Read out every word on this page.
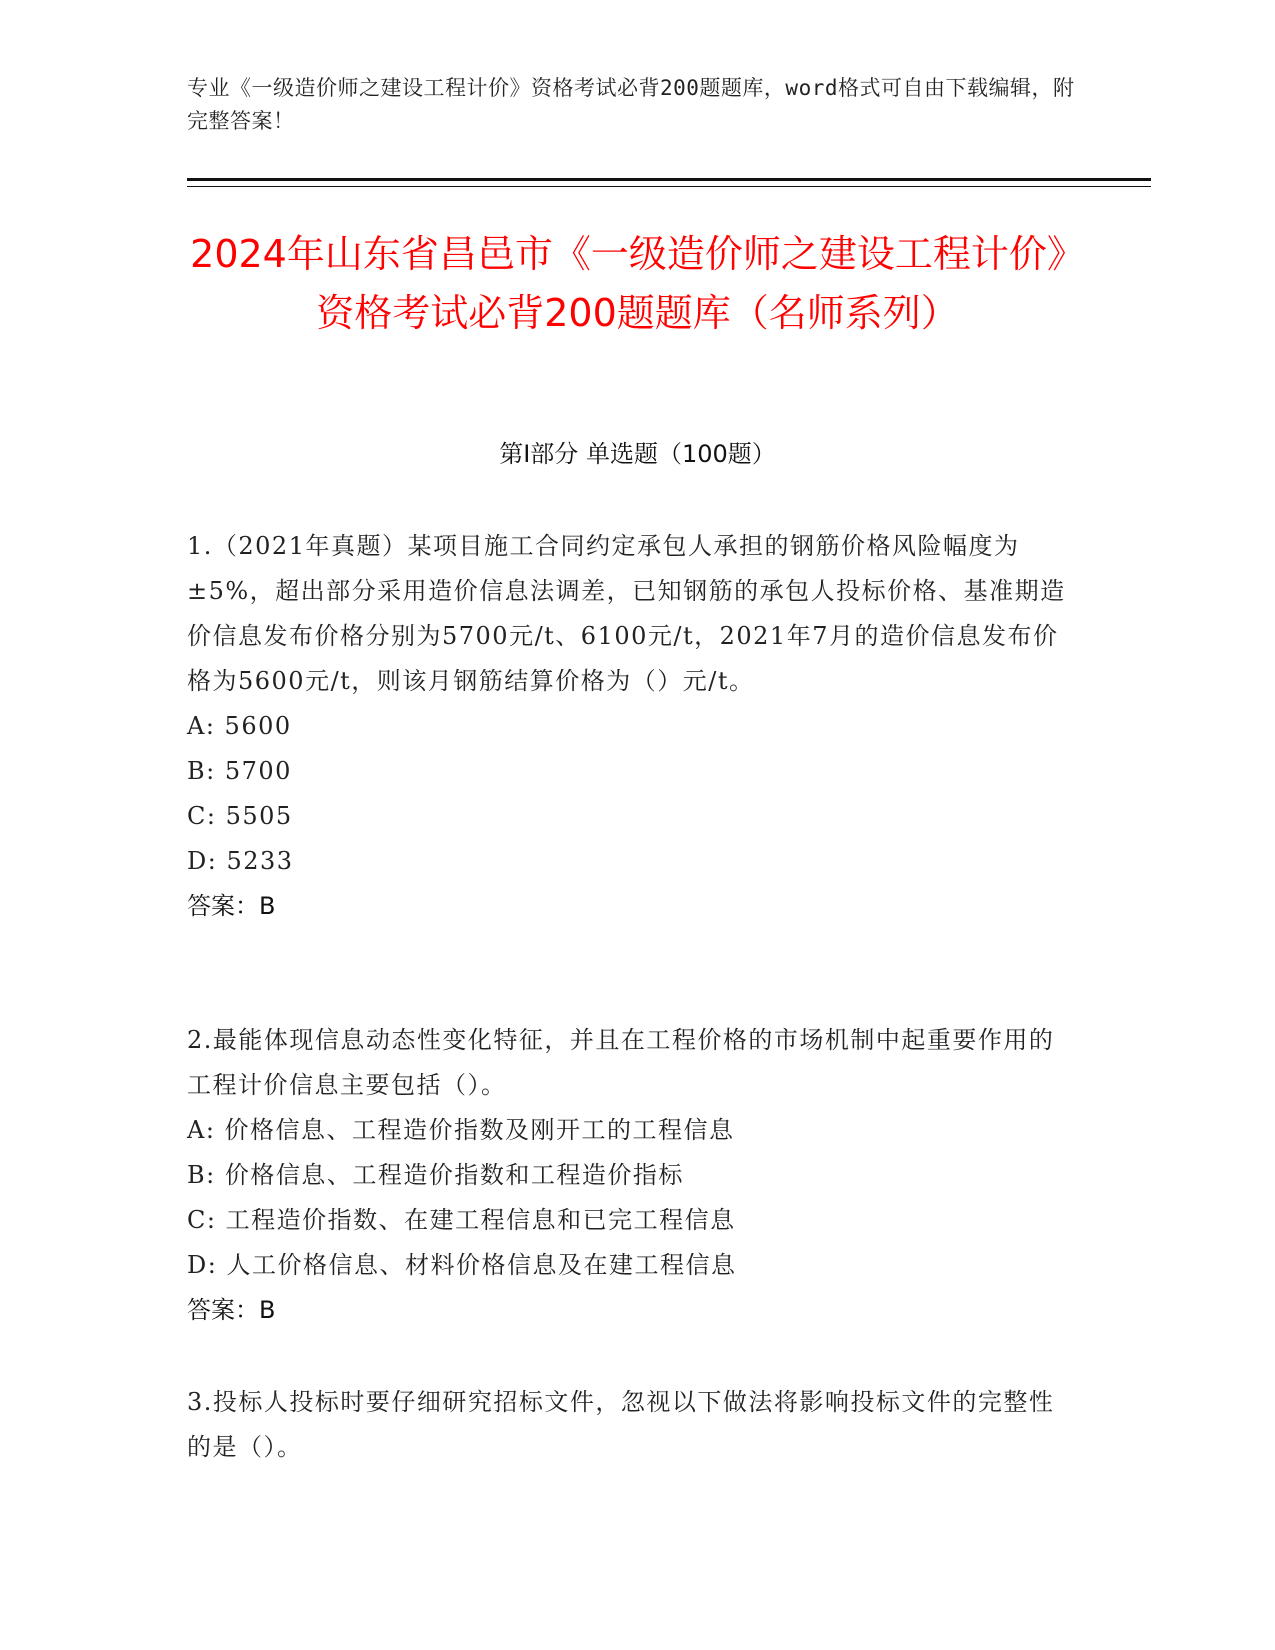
专业《一级造价师之建设工程计价》资格考试必背200题题库，word格式可自由下载编辑，附完整答案！
2024年山东省昌邑市《一级造价师之建设工程计价》资格考试必背200题题库（名师系列）
第I部分 单选题（100题）

1.（2021年真题）某项目施工合同约定承包人承担的钢筋价格风险幅度为±5%，超出部分采用造价信息法调差，已知钢筋的承包人投标价格、基准期造价信息发布价格分别为5700元/t、6100元/t，2021年7月的造价信息发布价格为5600元/t，则该月钢筋结算价格为（）元/t。

A: 5600

B: 5700

C: 5505

D: 5233

答案：B

2.最能体现信息动态性变化特征，并且在工程价格的市场机制中起重要作用的工程计价信息主要包括（）。

A: 价格信息、工程造价指数及刚开工的工程信息

B: 价格信息、工程造价指数和工程造价指标

C: 工程造价指数、在建工程信息和已完工程信息

D: 人工价格信息、材料价格信息及在建工程信息

答案：B

3.投标人投标时要仔细研究招标文件，忽视以下做法将影响投标文件的完整性的是（）。
